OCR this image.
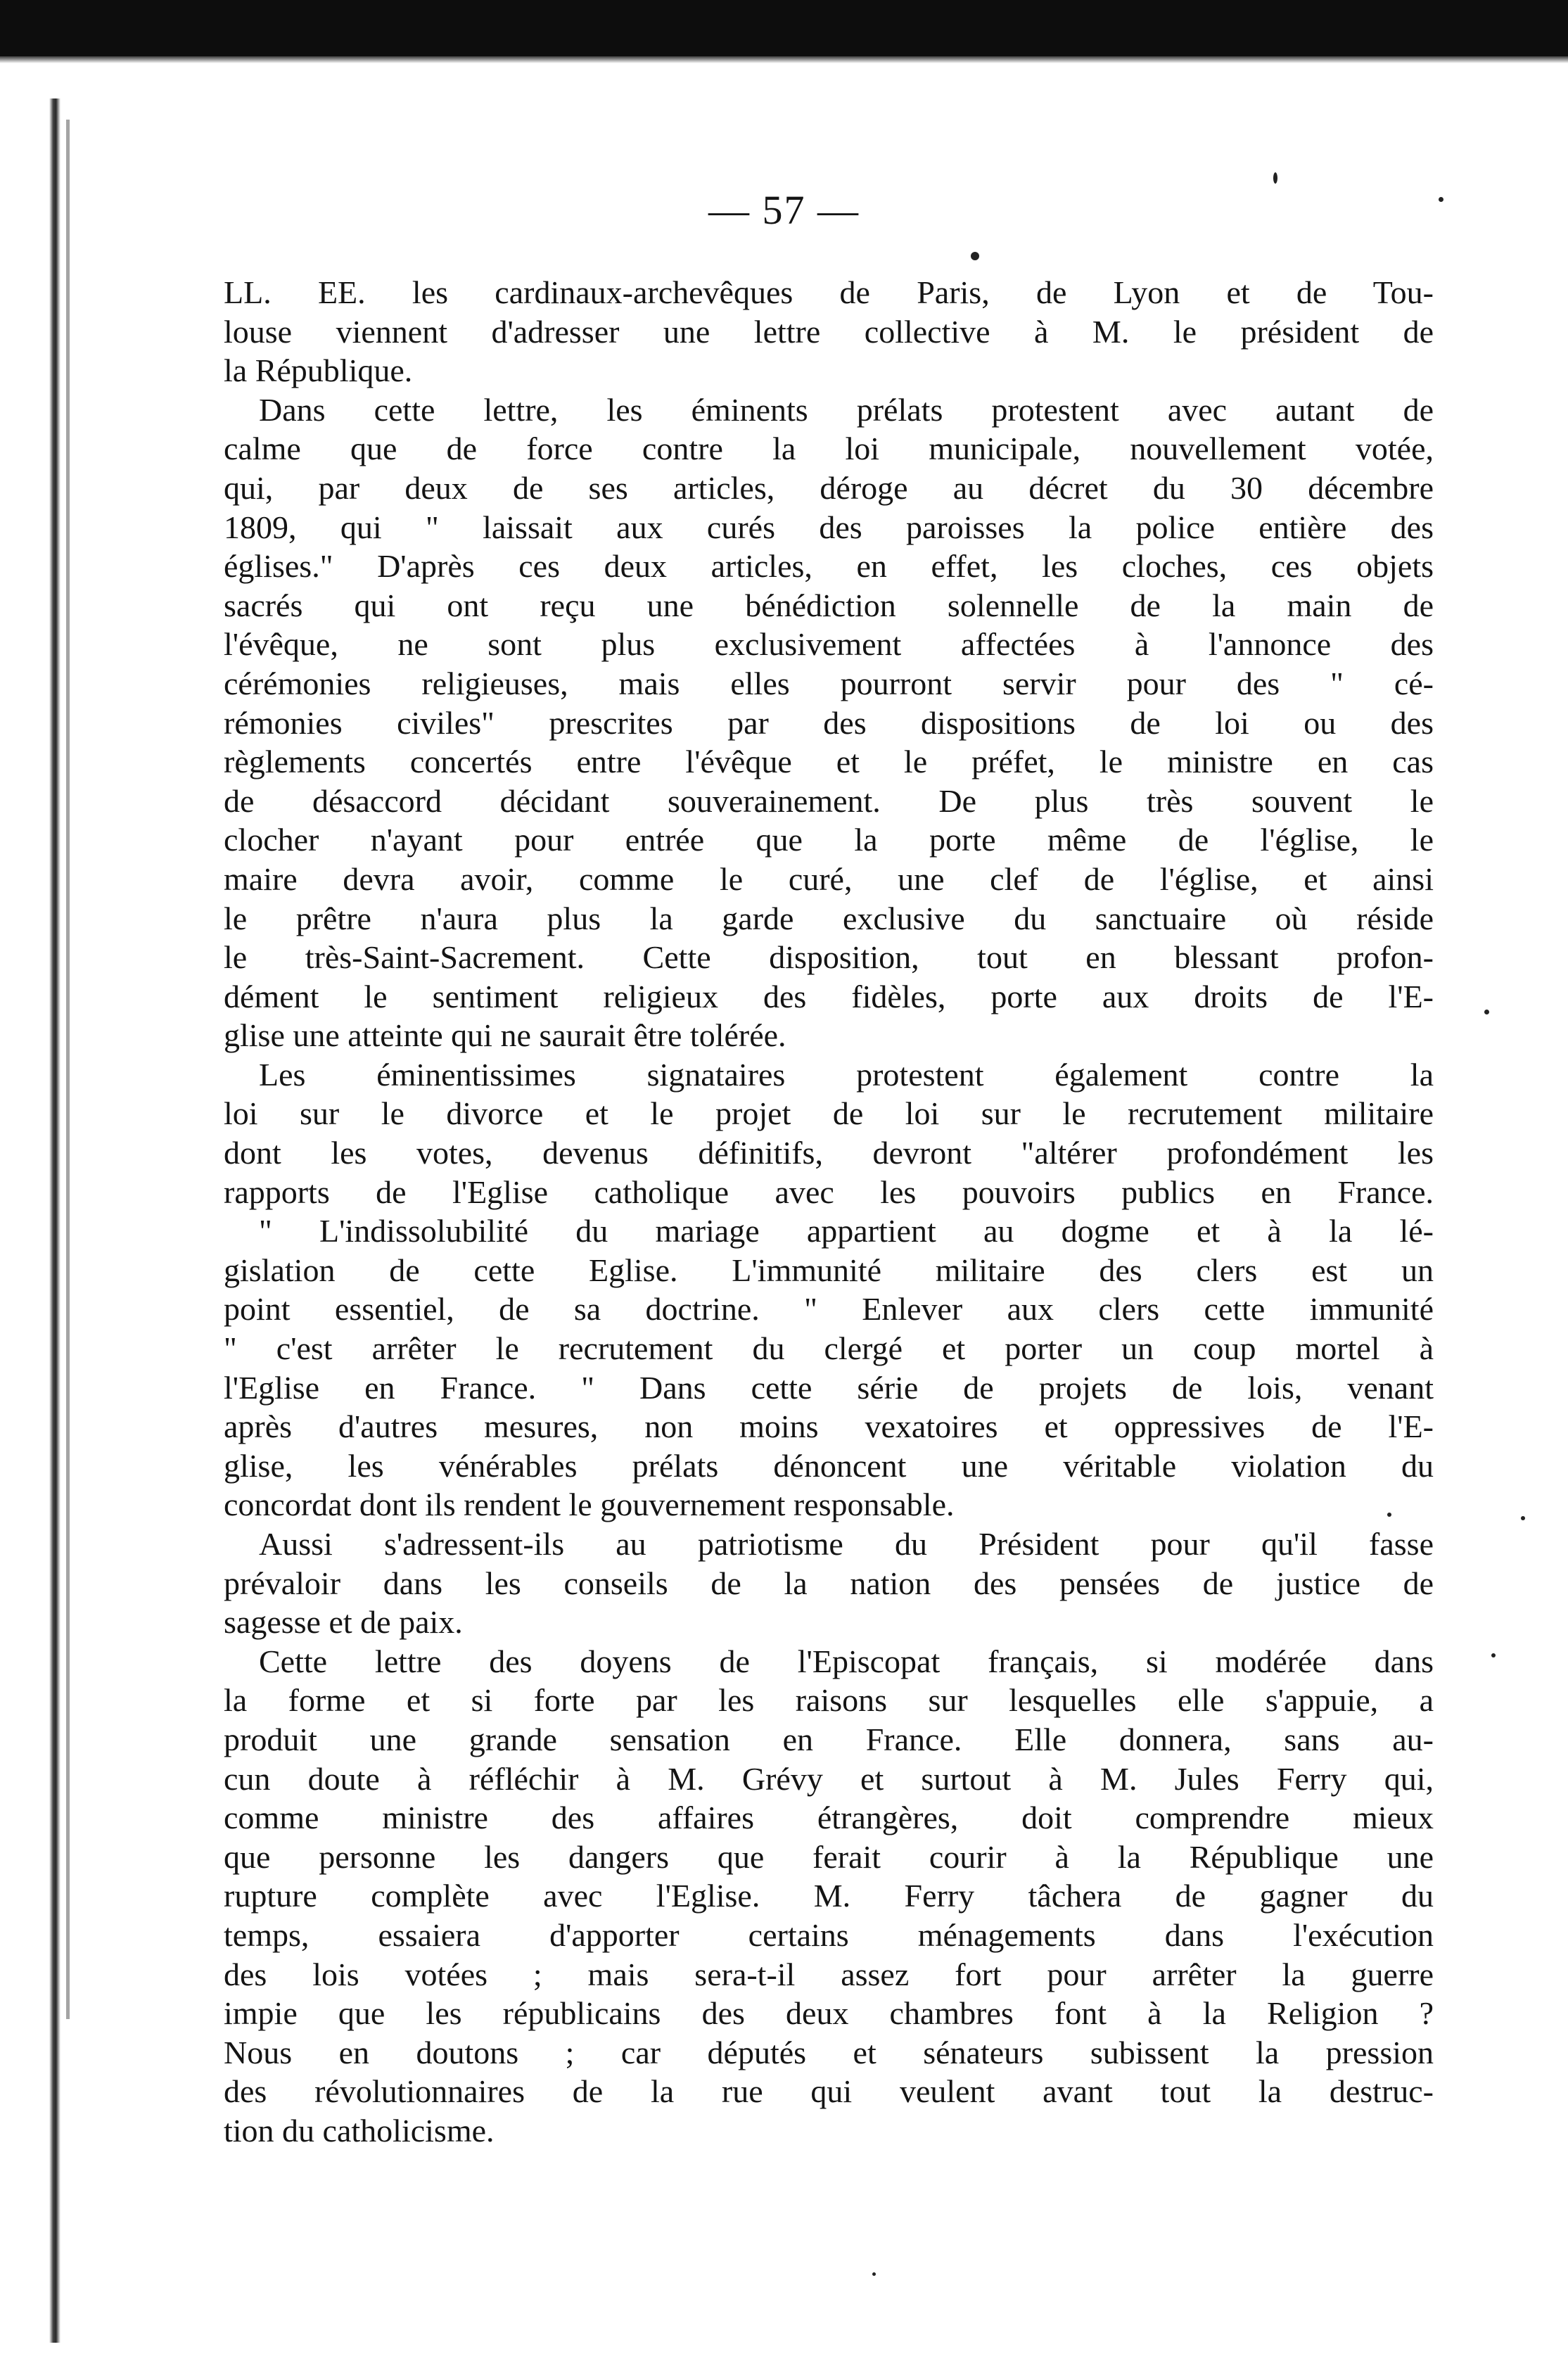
— 57 —
LL. EE. les cardinaux-archevêques de Paris, de Lyon et de Tou-
louse viennent d'adresser une lettre collective à M. le président de
la République.
Dans cette lettre, les éminents prélats protestent avec autant de
calme que de force contre la loi municipale, nouvellement votée,
qui, par deux de ses articles, déroge au décret du 30 décembre
1809, qui " laissait aux curés des paroisses la police entière des
églises." D'après ces deux articles, en effet, les cloches, ces objets
sacrés qui ont reçu une bénédiction solennelle de la main de
l'évêque, ne sont plus exclusivement affectées à l'annonce des
cérémonies religieuses, mais elles pourront servir pour des " cé-
rémonies civiles" prescrites par des dispositions de loi ou des
règlements concertés entre l'évêque et le préfet, le ministre en cas
de désaccord décidant souverainement. De plus très souvent le
clocher n'ayant pour entrée que la porte même de l'église, le
maire devra avoir, comme le curé, une clef de l'église, et ainsi
le prêtre n'aura plus la garde exclusive du sanctuaire où réside
le très-Saint-Sacrement. Cette disposition, tout en blessant profon-
dément le sentiment religieux des fidèles, porte aux droits de l'E-
glise une atteinte qui ne saurait être tolérée.
Les éminentissimes signataires protestent également contre la
loi sur le divorce et le projet de loi sur le recrutement militaire
dont les votes, devenus définitifs, devront "altérer profondément les
rapports de l'Eglise catholique avec les pouvoirs publics en France.
" L'indissolubilité du mariage appartient au dogme et à la lé-
gislation de cette Eglise. L'immunité militaire des clers est un
point essentiel, de sa doctrine. " Enlever aux clers cette immunité
" c'est arrêter le recrutement du clergé et porter un coup mortel à
l'Eglise en France. " Dans cette série de projets de lois, venant
après d'autres mesures, non moins vexatoires et oppressives de l'E-
glise, les vénérables prélats dénoncent une véritable violation du
concordat dont ils rendent le gouvernement responsable.
Aussi s'adressent-ils au patriotisme du Président pour qu'il fasse
prévaloir dans les conseils de la nation des pensées de justice de
sagesse et de paix.
Cette lettre des doyens de l'Episcopat français, si modérée dans
la forme et si forte par les raisons sur lesquelles elle s'appuie, a
produit une grande sensation en France. Elle donnera, sans au-
cun doute à réfléchir à M. Grévy et surtout à M. Jules Ferry qui,
comme ministre des affaires étrangères, doit comprendre mieux
que personne les dangers que ferait courir à la République une
rupture complète avec l'Eglise. M. Ferry tâchera de gagner du
temps, essaiera d'apporter certains ménagements dans l'exécution
des lois votées ; mais sera-t-il assez fort pour arrêter la guerre
impie que les républicains des deux chambres font à la Religion ?
Nous en doutons ; car députés et sénateurs subissent la pression
des révolutionnaires de la rue qui veulent avant tout la destruc-
tion du catholicisme.
